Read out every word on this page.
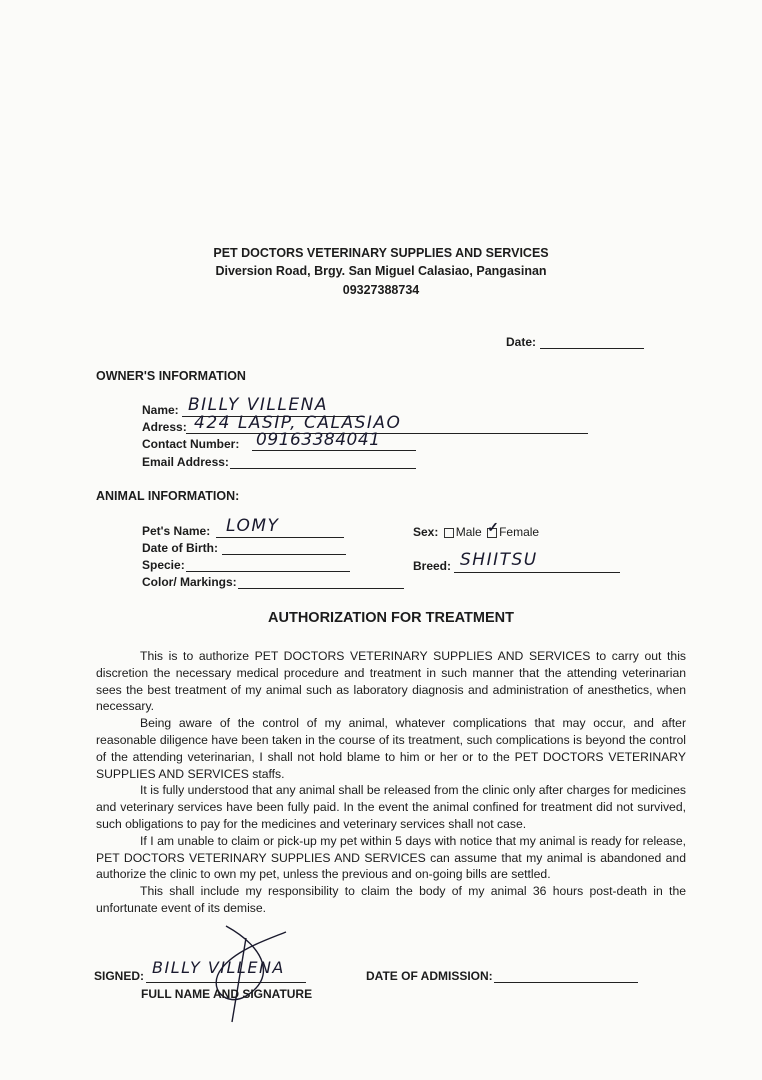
PET DOCTORS VETERINARY SUPPLIES AND SERVICES
Diversion Road, Brgy. San Miguel Calasiao, Pangasinan
09327388734
Date:
OWNER'S INFORMATION
Name: BILLY VILLENA
Adress: 424 LASIP, CALASIAO
Contact Number: 09163384041
Email Address:
ANIMAL INFORMATION:
Pet's Name: LOMY
Date of Birth:
Specie:
Color/ Markings:
Sex: Male ✓ Female
Breed: SHIITSU
AUTHORIZATION FOR TREATMENT

This is to authorize PET DOCTORS VETERINARY SUPPLIES AND SERVICES to carry out this discretion the necessary medical procedure and treatment in such manner that the attending veterinarian sees the best treatment of my animal such as laboratory diagnosis and administration of anesthetics, when necessary.

Being aware of the control of my animal, whatever complications that may occur, and after reasonable diligence have been taken in the course of its treatment, such complications is beyond the control of the attending veterinarian, I shall not hold blame to him or her or to the PET DOCTORS VETERINARY SUPPLIES AND SERVICES staffs.

It is fully understood that any animal shall be released from the clinic only after charges for medicines and veterinary services have been fully paid. In the event the animal confined for treatment did not survived, such obligations to pay for the medicines and veterinary services shall not case.

If I am unable to claim or pick-up my pet within 5 days with notice that my animal is ready for release, PET DOCTORS VETERINARY SUPPLIES AND SERVICES can assume that my animal is abandoned and authorize the clinic to own my pet, unless the previous and on-going bills are settled.

This shall include my responsibility to claim the body of my animal 36 hours post-death in the unfortunate event of its demise.

SIGNED: BILLY VILLENA
FULL NAME AND SIGNATURE
DATE OF ADMISSION:
